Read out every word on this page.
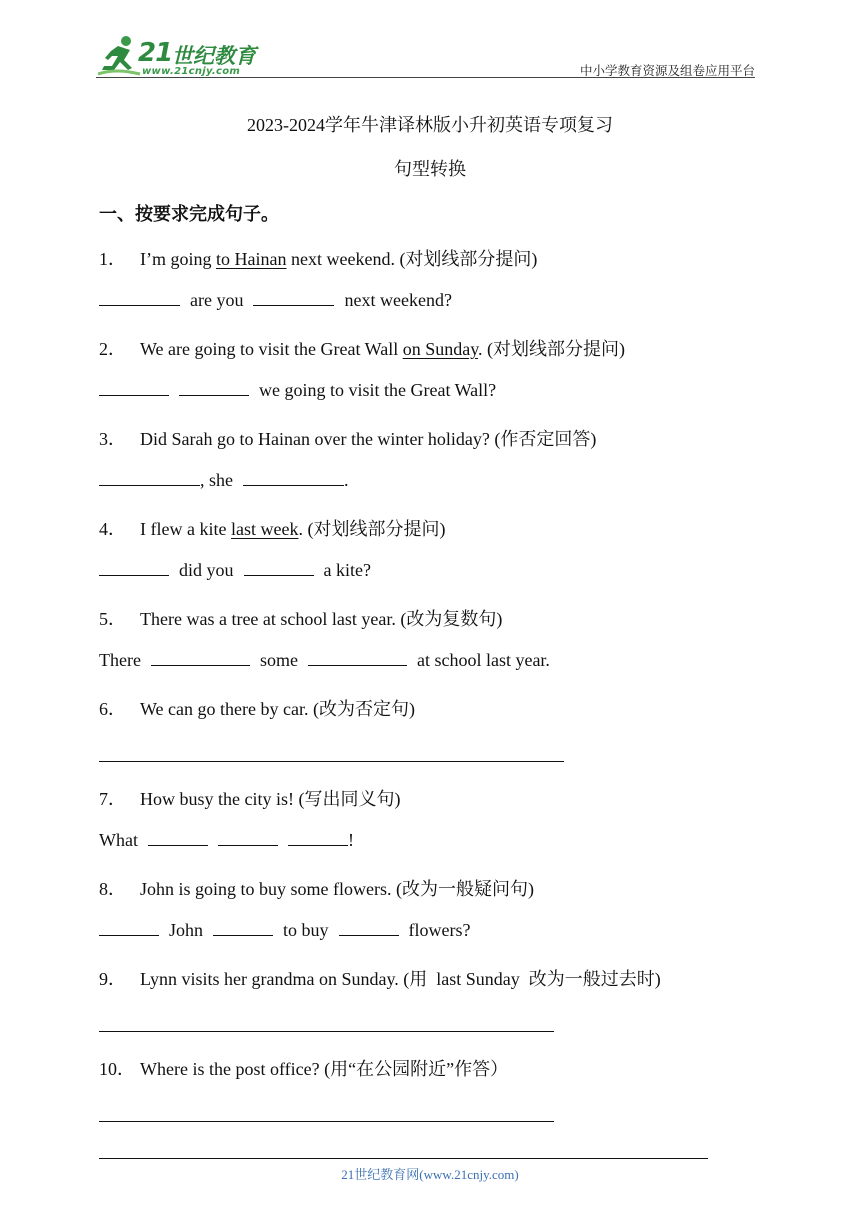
21 世纪教育
www.21cnjy.com	中小学教育资源及组卷应用平台
2023-2024学年牛津译林版小升初英语专项复习
句型转换
一、按要求完成句子。
1． I’m going to Hainan next weekend. (对划线部分提问)
are you	next weekend?
2． We are going to visit the Great Wall on Sunday. (对划线部分提问)
we going to visit the Great Wall?
3． Did Sarah go to Hainan over the winter holiday? (作否定回答)
, she	.
4． I flew a kite last week. (对划线部分提问)
did you	a kite?
5． There was a tree at school last year. (改为复数句)
There	some	at school last year.
6． We can go there by car. (改为否定句)
7． How busy the city is! (写出同义句)
What	!
8． John is going to buy some flowers. (改为一般疑问句)
John	to buy	flowers?
9． Lynn visits her grandma on Sunday. (用  last Sunday  改为一般过去时)
10． Where is the post office? (用“在公园附近”作答）
21世纪教育网(www.21cnjy.com)
